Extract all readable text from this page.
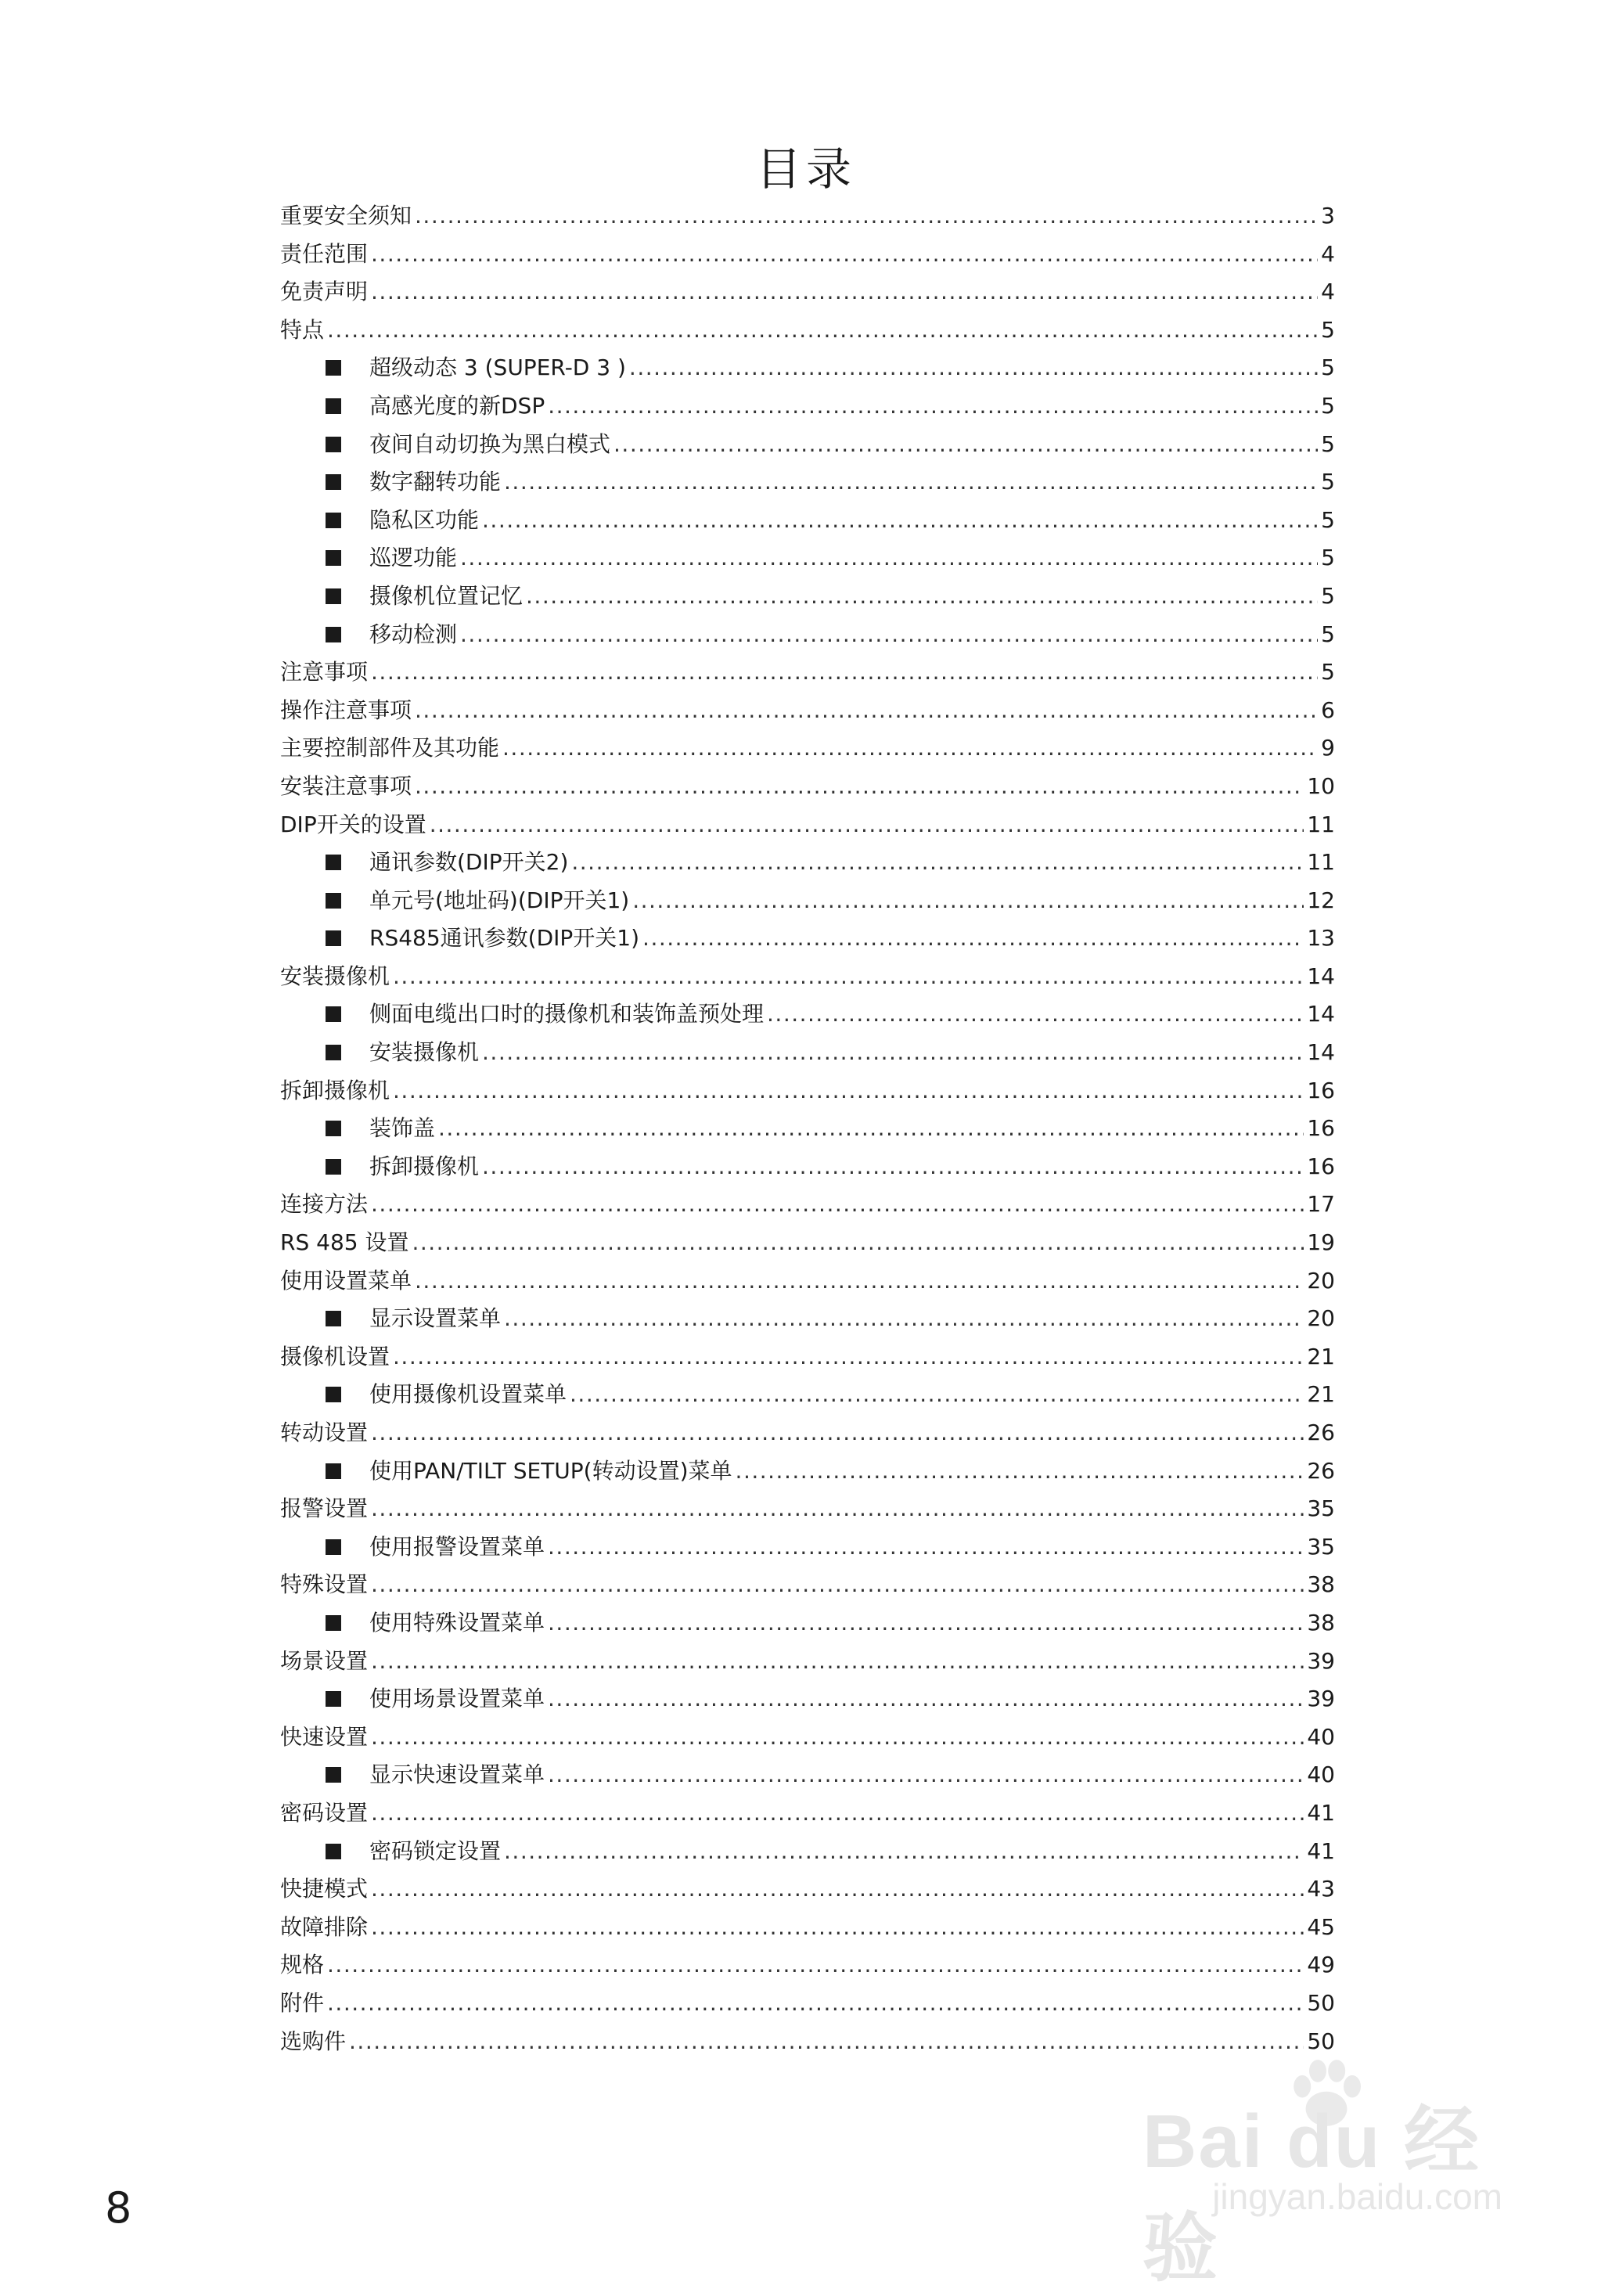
目录
重要安全须知 .....	3
责任范围 .....	4
免责声明 .....	4
特点 .....	5
超级动态 3 (SUPER-D 3 ) .....	5
高感光度的新DSP .....	5
夜间自动切换为黑白模式 .....	5
数字翻转功能 .....	5
隐私区功能 .....	5
巡逻功能 .....	5
摄像机位置记忆 .....	5
移动检测 .....	5
注意事项 .....	5
操作注意事项 .....	6
主要控制部件及其功能 .....	9
安装注意事项 .....	10
DIP开关的设置 .....	11
通讯参数(DIP开关2) .....	11
单元号(地址码)(DIP开关1) .....	12
RS485通讯参数(DIP开关1) .....	13
安装摄像机 .....	14
侧面电缆出口时的摄像机和装饰盖预处理 .....	14
安装摄像机 .....	14
拆卸摄像机 .....	16
装饰盖 .....	16
拆卸摄像机 .....	16
连接方法 .....	17
RS 485 设置 .....	19
使用设置菜单 .....	20
显示设置菜单 .....	20
摄像机设置 .....	21
使用摄像机设置菜单 .....	21
转动设置 .....	26
使用PAN/TILT SETUP(转动设置)菜单 .....	26
报警设置 .....	35
使用报警设置菜单 .....	35
特殊设置 .....	38
使用特殊设置菜单 .....	38
场景设置 .....	39
使用场景设置菜单 .....	39
快速设置 .....	40
显示快速设置菜单 .....	40
密码设置 .....	41
密码锁定设置 .....	41
快捷模式 .....	43
故障排除 .....	45
规格 .....	49
附件 .....	50
选购件 .....	50
8
Bai du 经验
jingyan.baidu.com
